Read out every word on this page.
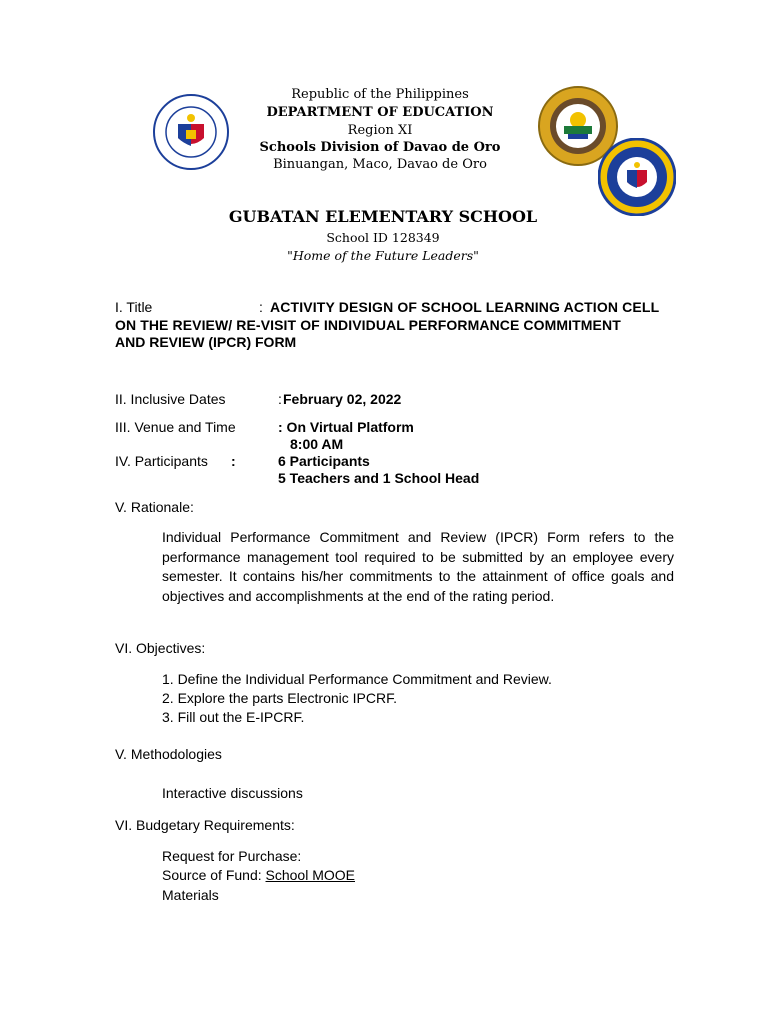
Republic of the Philippines
DEPARTMENT OF EDUCATION
Region XI
Schools Division of Davao de Oro
Binuangan, Maco, Davao de Oro
GUBATAN ELEMENTARY SCHOOL
School ID 128349
"Home of the Future Leaders"
I. Title	: ACTIVITY DESIGN OF SCHOOL LEARNING ACTION CELL
ON THE REVIEW/ RE-VISIT OF INDIVIDUAL PERFORMANCE COMMITMENT
AND REVIEW (IPCR) FORM
II. Inclusive Dates	: February 02, 2022
III. Venue and Time	: On Virtual Platform
8:00 AM
IV. Participants :	6 Participants
5 Teachers and 1 School Head
V. Rationale:
Individual Performance Commitment and Review (IPCR) Form refers to the performance management tool required to be submitted by an employee every semester. It contains his/her commitments to the attainment of office goals and objectives and accomplishments at the end of the rating period.
VI. Objectives:
1. Define the Individual Performance Commitment and Review.
2. Explore the parts Electronic IPCRF.
3. Fill out the E-IPCRF.
V. Methodologies
Interactive discussions
VI. Budgetary Requirements:
Request for Purchase:
Source of Fund: School MOOE
Materials
